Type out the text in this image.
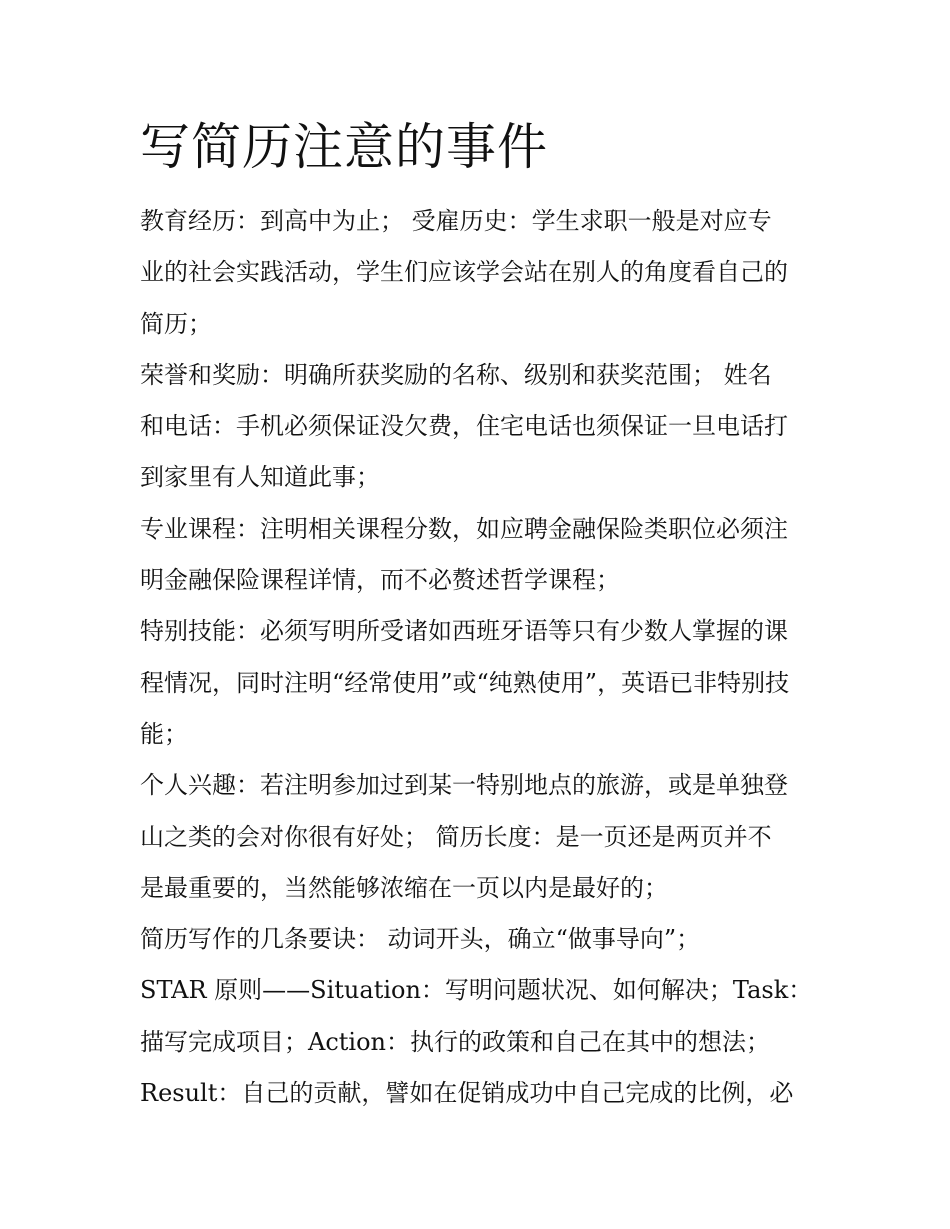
写简历注意的事件
教育经历：到高中为止； 受雇历史：学生求职一般是对应专
业的社会实践活动，学生们应该学会站在别人的角度看自己的
简历；
荣誉和奖励：明确所获奖励的名称、级别和获奖范围； 姓名
和电话：手机必须保证没欠费，住宅电话也须保证一旦电话打
到家里有人知道此事；
专业课程：注明相关课程分数，如应聘金融保险类职位必须注
明金融保险课程详情，而不必赘述哲学课程；
特别技能：必须写明所受诸如西班牙语等只有少数人掌握的课
程情况，同时注明“经常使用”或“纯熟使用”，英语已非特别技
能；
个人兴趣：若注明参加过到某一特别地点的旅游，或是单独登
山之类的会对你很有好处； 简历长度：是一页还是两页并不
是最重要的，当然能够浓缩在一页以内是最好的；
简历写作的几条要诀： 动词开头，确立“做事导向”；
STAR 原则——Situation：写明问题状况、如何解决；Task：
描写完成项目；Action：执行的政策和自己在其中的想法；
Result：自己的贡献，譬如在促销成功中自己完成的比例，必
